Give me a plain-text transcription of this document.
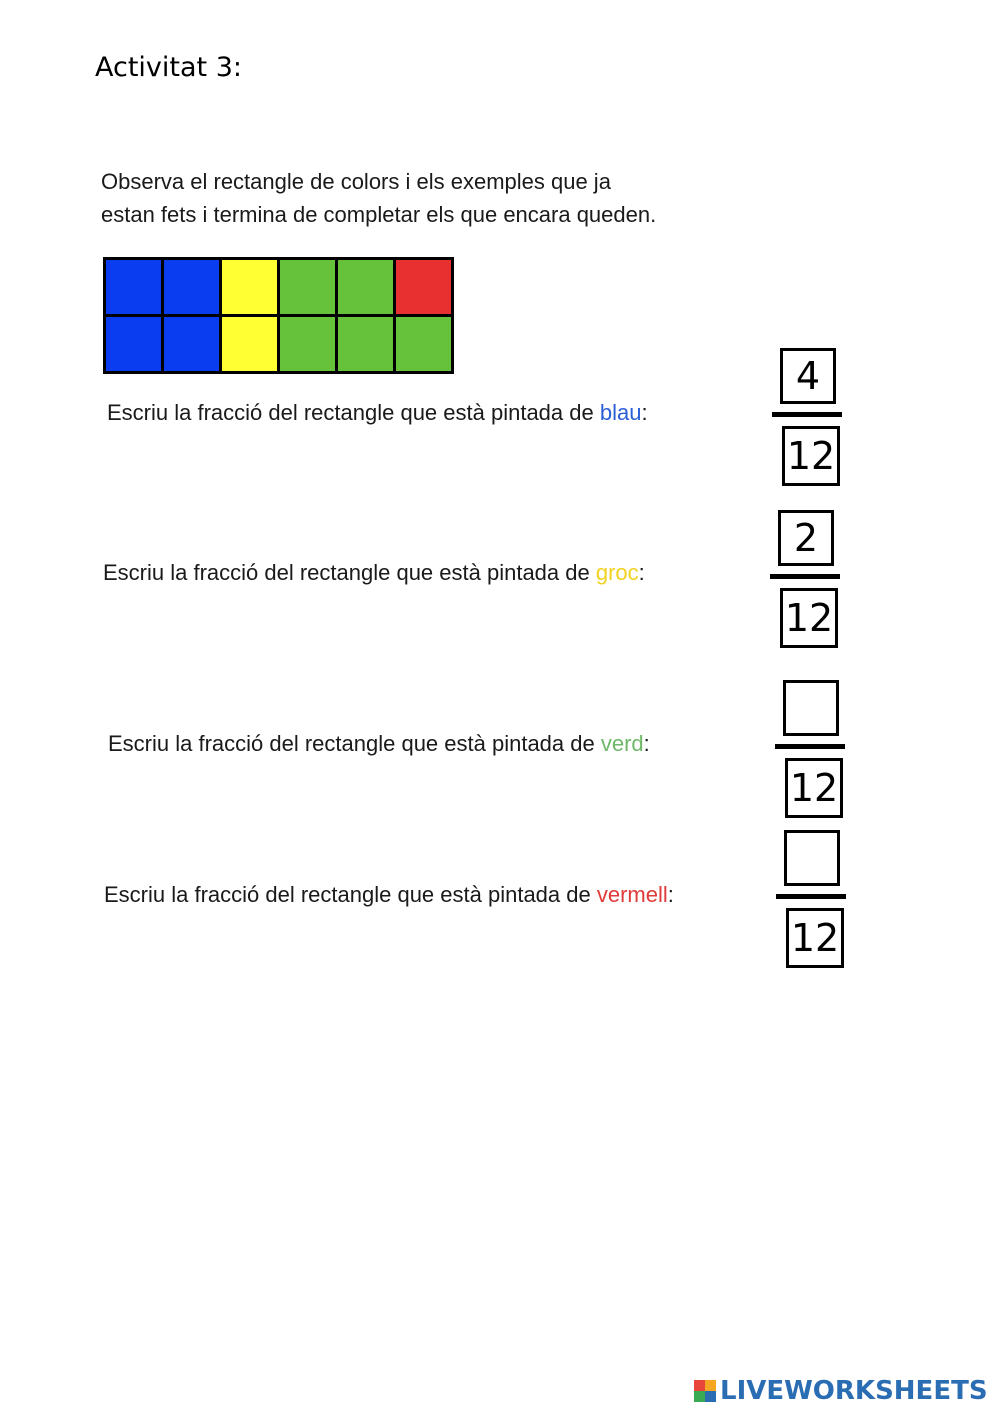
Activitat 3:
Observa el rectangle de colors i els exemples que ja
estan fets i termina de completar els que encara queden.
Escriu la fracció del rectangle que està pintada de blau:	$\frac{4}{12}$
Escriu la fracció del rectangle que està pintada de groc:	$\frac{2}{12}$
Escriu la fracció del rectangle que està pintada de verd:
12
Escriu la fracció del rectangle que està pintada de vermell:
12
LIVEWORKSHEETS
